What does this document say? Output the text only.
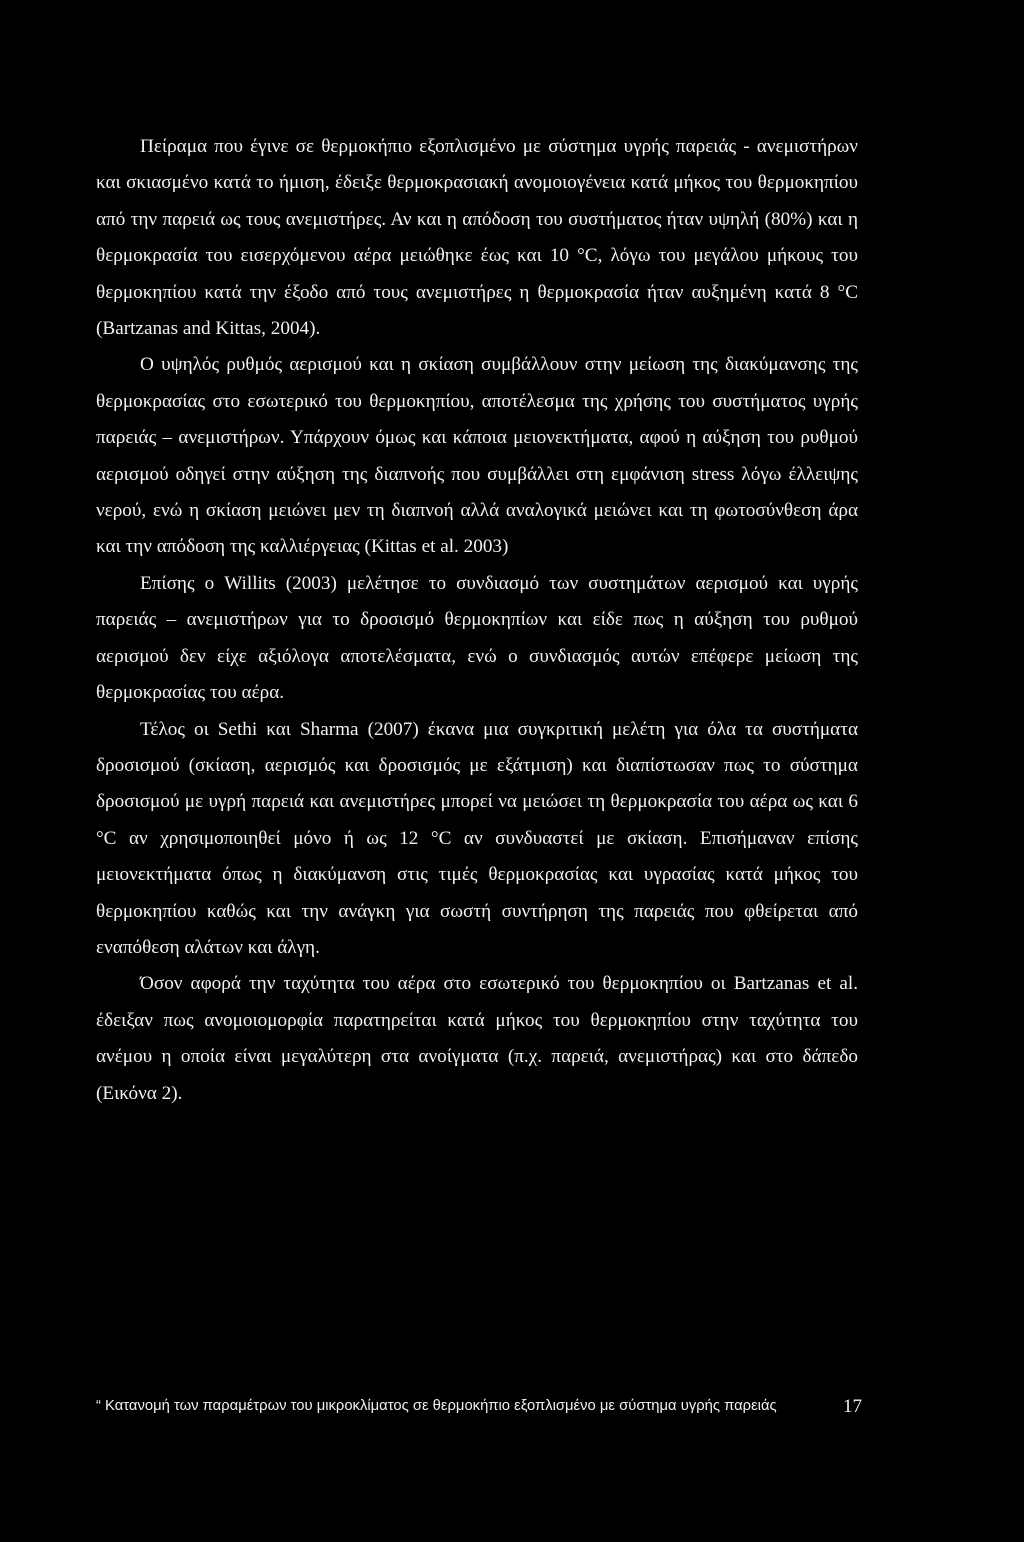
Πείραμα που έγινε σε θερμοκήπιο εξοπλισμένο με σύστημα υγρής παρειάς - ανεμιστήρων και σκιασμένο κατά το ήμιση, έδειξε θερμοκρασιακή ανομοιογένεια κατά μήκος του θερμοκηπίου από την παρειά ως τους ανεμιστήρες. Αν και η απόδοση του συστήματος ήταν υψηλή (80%) και η θερμοκρασία του εισερχόμενου αέρα μειώθηκε έως και 10 °C, λόγω του μεγάλου μήκους του θερμοκηπίου κατά την έξοδο από τους ανεμιστήρες η θερμοκρασία ήταν αυξημένη κατά 8 °C (Bartzanas and Kittas, 2004).

Ο υψηλός ρυθμός αερισμού και η σκίαση συμβάλλουν στην μείωση της διακύμανσης της θερμοκρασίας στο εσωτερικό του θερμοκηπίου, αποτέλεσμα της χρήσης του συστήματος υγρής παρειάς – ανεμιστήρων. Υπάρχουν όμως και κάποια μειονεκτήματα, αφού η αύξηση του ρυθμού αερισμού οδηγεί στην αύξηση της διαπνοής που συμβάλλει στη εμφάνιση stress λόγω έλλειψης νερού, ενώ η σκίαση μειώνει μεν τη διαπνοή αλλά αναλογικά μειώνει και τη φωτοσύνθεση άρα και την απόδοση της καλλιέργειας (Kittas et al. 2003)

Επίσης ο Willits (2003) μελέτησε το συνδιασμό των συστημάτων αερισμού και υγρής παρειάς – ανεμιστήρων για το δροσισμό θερμοκηπίων και είδε πως η αύξηση του ρυθμού αερισμού δεν είχε αξιόλογα αποτελέσματα, ενώ ο συνδιασμός αυτών επέφερε μείωση της θερμοκρασίας του αέρα.

Τέλος οι Sethi και Sharma (2007) έκανα μια συγκριτική μελέτη για όλα τα συστήματα δροσισμού (σκίαση, αερισμός και δροσισμός με εξάτμιση) και διαπίστωσαν πως το σύστημα δροσισμού με υγρή παρειά και ανεμιστήρες μπορεί να μειώσει τη θερμοκρασία του αέρα ως και 6 °C αν χρησιμοποιηθεί μόνο ή ως 12 °C αν συνδυαστεί με σκίαση. Επισήμαναν επίσης μειονεκτήματα όπως η διακύμανση στις τιμές θερμοκρασίας και υγρασίας κατά μήκος του θερμοκηπίου καθώς και την ανάγκη για σωστή συντήρηση της παρειάς που φθείρεται από εναπόθεση αλάτων και άλγη.

Όσον αφορά την ταχύτητα του αέρα στο εσωτερικό του θερμοκηπίου οι Bartzanas et al. έδειξαν πως ανομοιομορφία παρατηρείται κατά μήκος του θερμοκηπίου στην ταχύτητα του ανέμου η οποία είναι μεγαλύτερη στα ανοίγματα (π.χ. παρειά, ανεμιστήρας) και στο δάπεδο (Εικόνα 2).

“ Κατανομή των παραμέτρων του μικροκλίματος σε θερμοκήπιο εξοπλισμένο με σύστημα υγρής παρειάς	17
